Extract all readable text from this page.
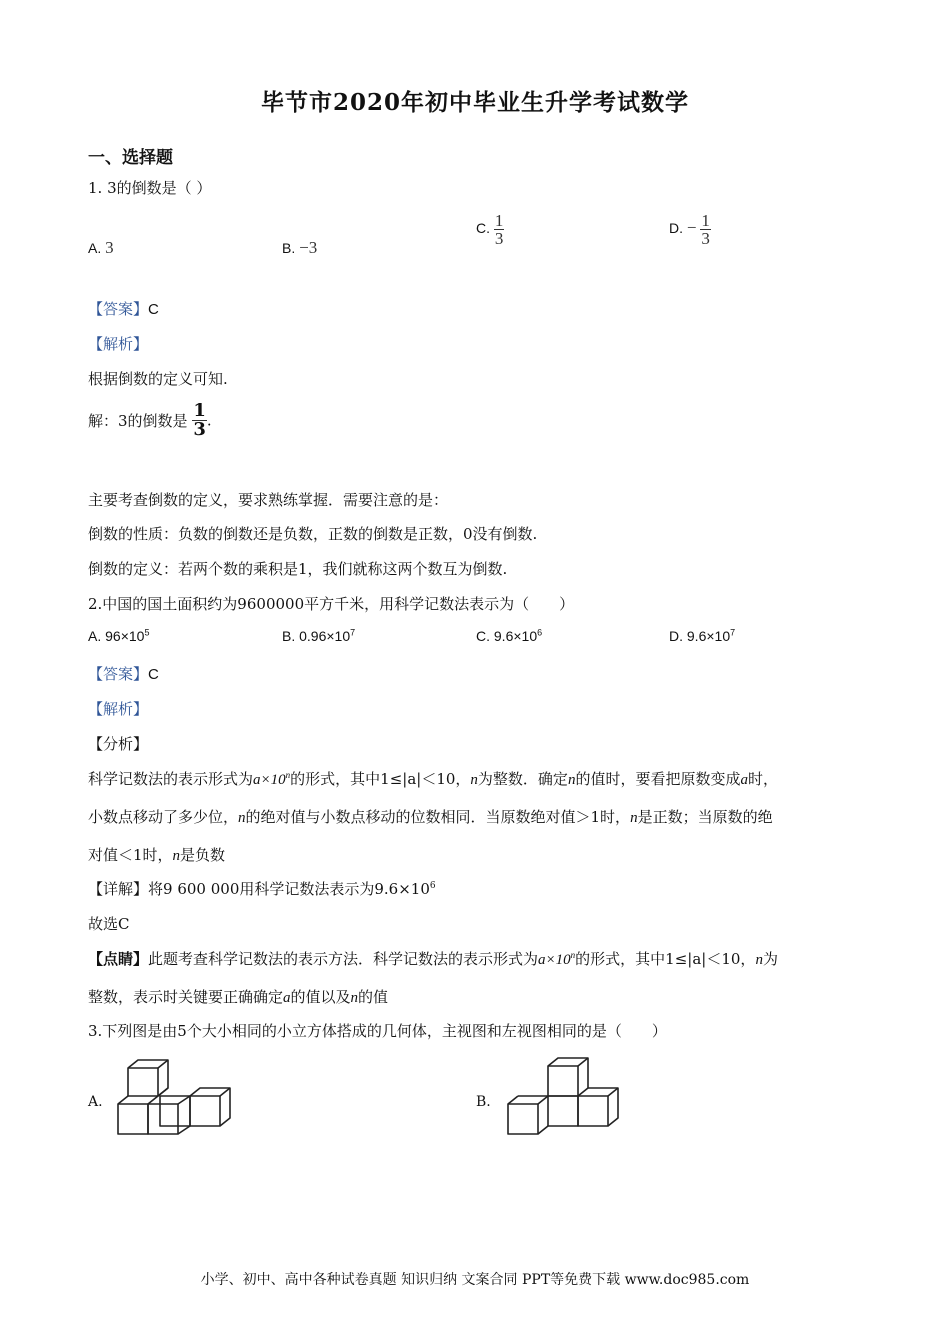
毕节市2020年初中毕业生升学考试数学
一、选择题
1. 3的倒数是（ ）
A. 3	B. −3
C. $\frac{1}{3}$	D. − $\frac{1}{3}$
【答案】C
【解析】
根据倒数的定义可知.
解：3的倒数是 $\frac{1}{3}$ .
主要考查倒数的定义，要求熟练掌握．需要注意的是：
倒数的性质：负数的倒数还是负数，正数的倒数是正数，0没有倒数.
倒数的定义：若两个数的乘积是1，我们就称这两个数互为倒数.
2.中国的国土面积约为9600000平方千米，用科学记数法表示为（　　）
A. $96\times 10^5$	B. $0.96\times 10^7$	C. $9.6\times 10^6$	D. $9.6\times 10^7$
【答案】C
【解析】
【分析】
科学记数法的表示形式为$a\times 10^n$的形式，其中1≤|a|＜10，n为整数．确定n的值时，要看把原数变成a时，
小数点移动了多少位，n的绝对值与小数点移动的位数相同．当原数绝对值＞1时，n是正数；当原数的绝
对值＜1时，n是负数
【详解】将9 600 000用科学记数法表示为$9.6\times 10^6$
故选C
【点睛】此题考查科学记数法的表示方法．科学记数法的表示形式为$a\times 10^n$的形式，其中1≤|a|＜10，n为
整数，表示时关键要正确确定a的值以及n的值
3.下列图是由5个大小相同的小立方体搭成的几何体，主视图和左视图相同的是（　　）
A.	B.
小学、初中、高中各种试卷真题 知识归纳 文案合同 PPT等免费下载 www.doc985.com
